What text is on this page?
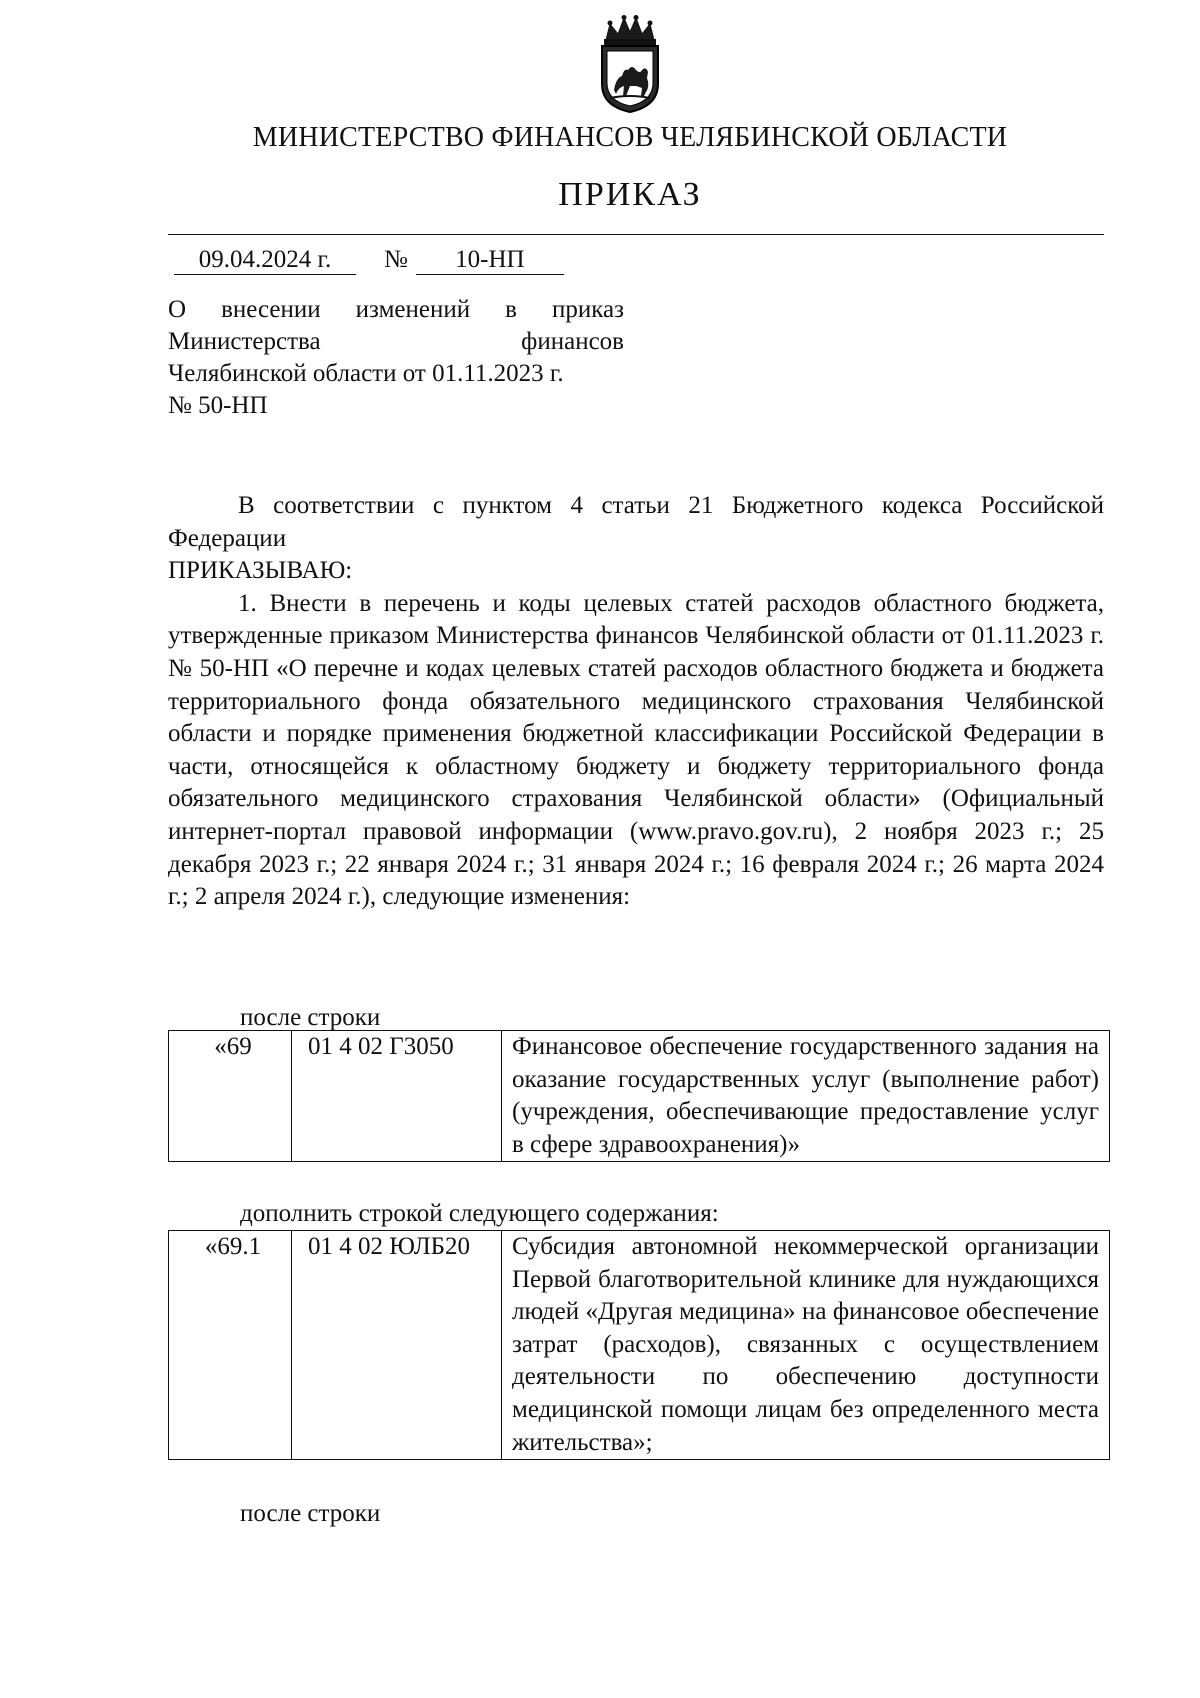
МИНИСТЕРСТВО ФИНАНСОВ ЧЕЛЯБИНСКОЙ ОБЛАСТИ
ПРИКАЗ
09.04.2024 г. № 10-НП
О внесении изменений в приказ
Министерства финансов
Челябинской области от 01.11.2023 г.
№ 50-НП

В соответствии с пунктом 4 статьи 21 Бюджетного кодекса Российской Федерации

ПРИКАЗЫВАЮ:

1. Внести в перечень и коды целевых статей расходов областного бюджета, утвержденные приказом Министерства финансов Челябинской области от 01.11.2023 г. № 50-НП «О перечне и кодах целевых статей расходов областного бюджета и бюджета территориального фонда обязательного медицинского страхования Челябинской области и порядке применения бюджетной классификации Российской Федерации в части, относящейся к областному бюджету и бюджету территориального фонда обязательного медицинского страхования Челябинской области» (Официальный интернет-портал правовой информации (www.pravo.gov.ru), 2 ноября 2023 г.; 25 декабря 2023 г.; 22 января 2024 г.; 31 января 2024 г.; 16 февраля 2024 г.; 26 марта 2024 г.; 2 апреля 2024 г.), следующие изменения:

после строки
«69	01 4 02 Г3050	Финансовое обеспечение государственного задания на оказание государственных услуг (выполнение работ) (учреждения, обеспечивающие предоставление услуг в сфере здравоохранения)»
дополнить строкой следующего содержания:
«69.1	01 4 02 ЮЛБ20	Субсидия автономной некоммерческой организации Первой благотворительной клинике для нуждающихся людей «Другая медицина» на финансовое обеспечение затрат (расходов), связанных с осуществлением деятельности по обеспечению доступности медицинской помощи лицам без определенного места жительства»;
после строки
